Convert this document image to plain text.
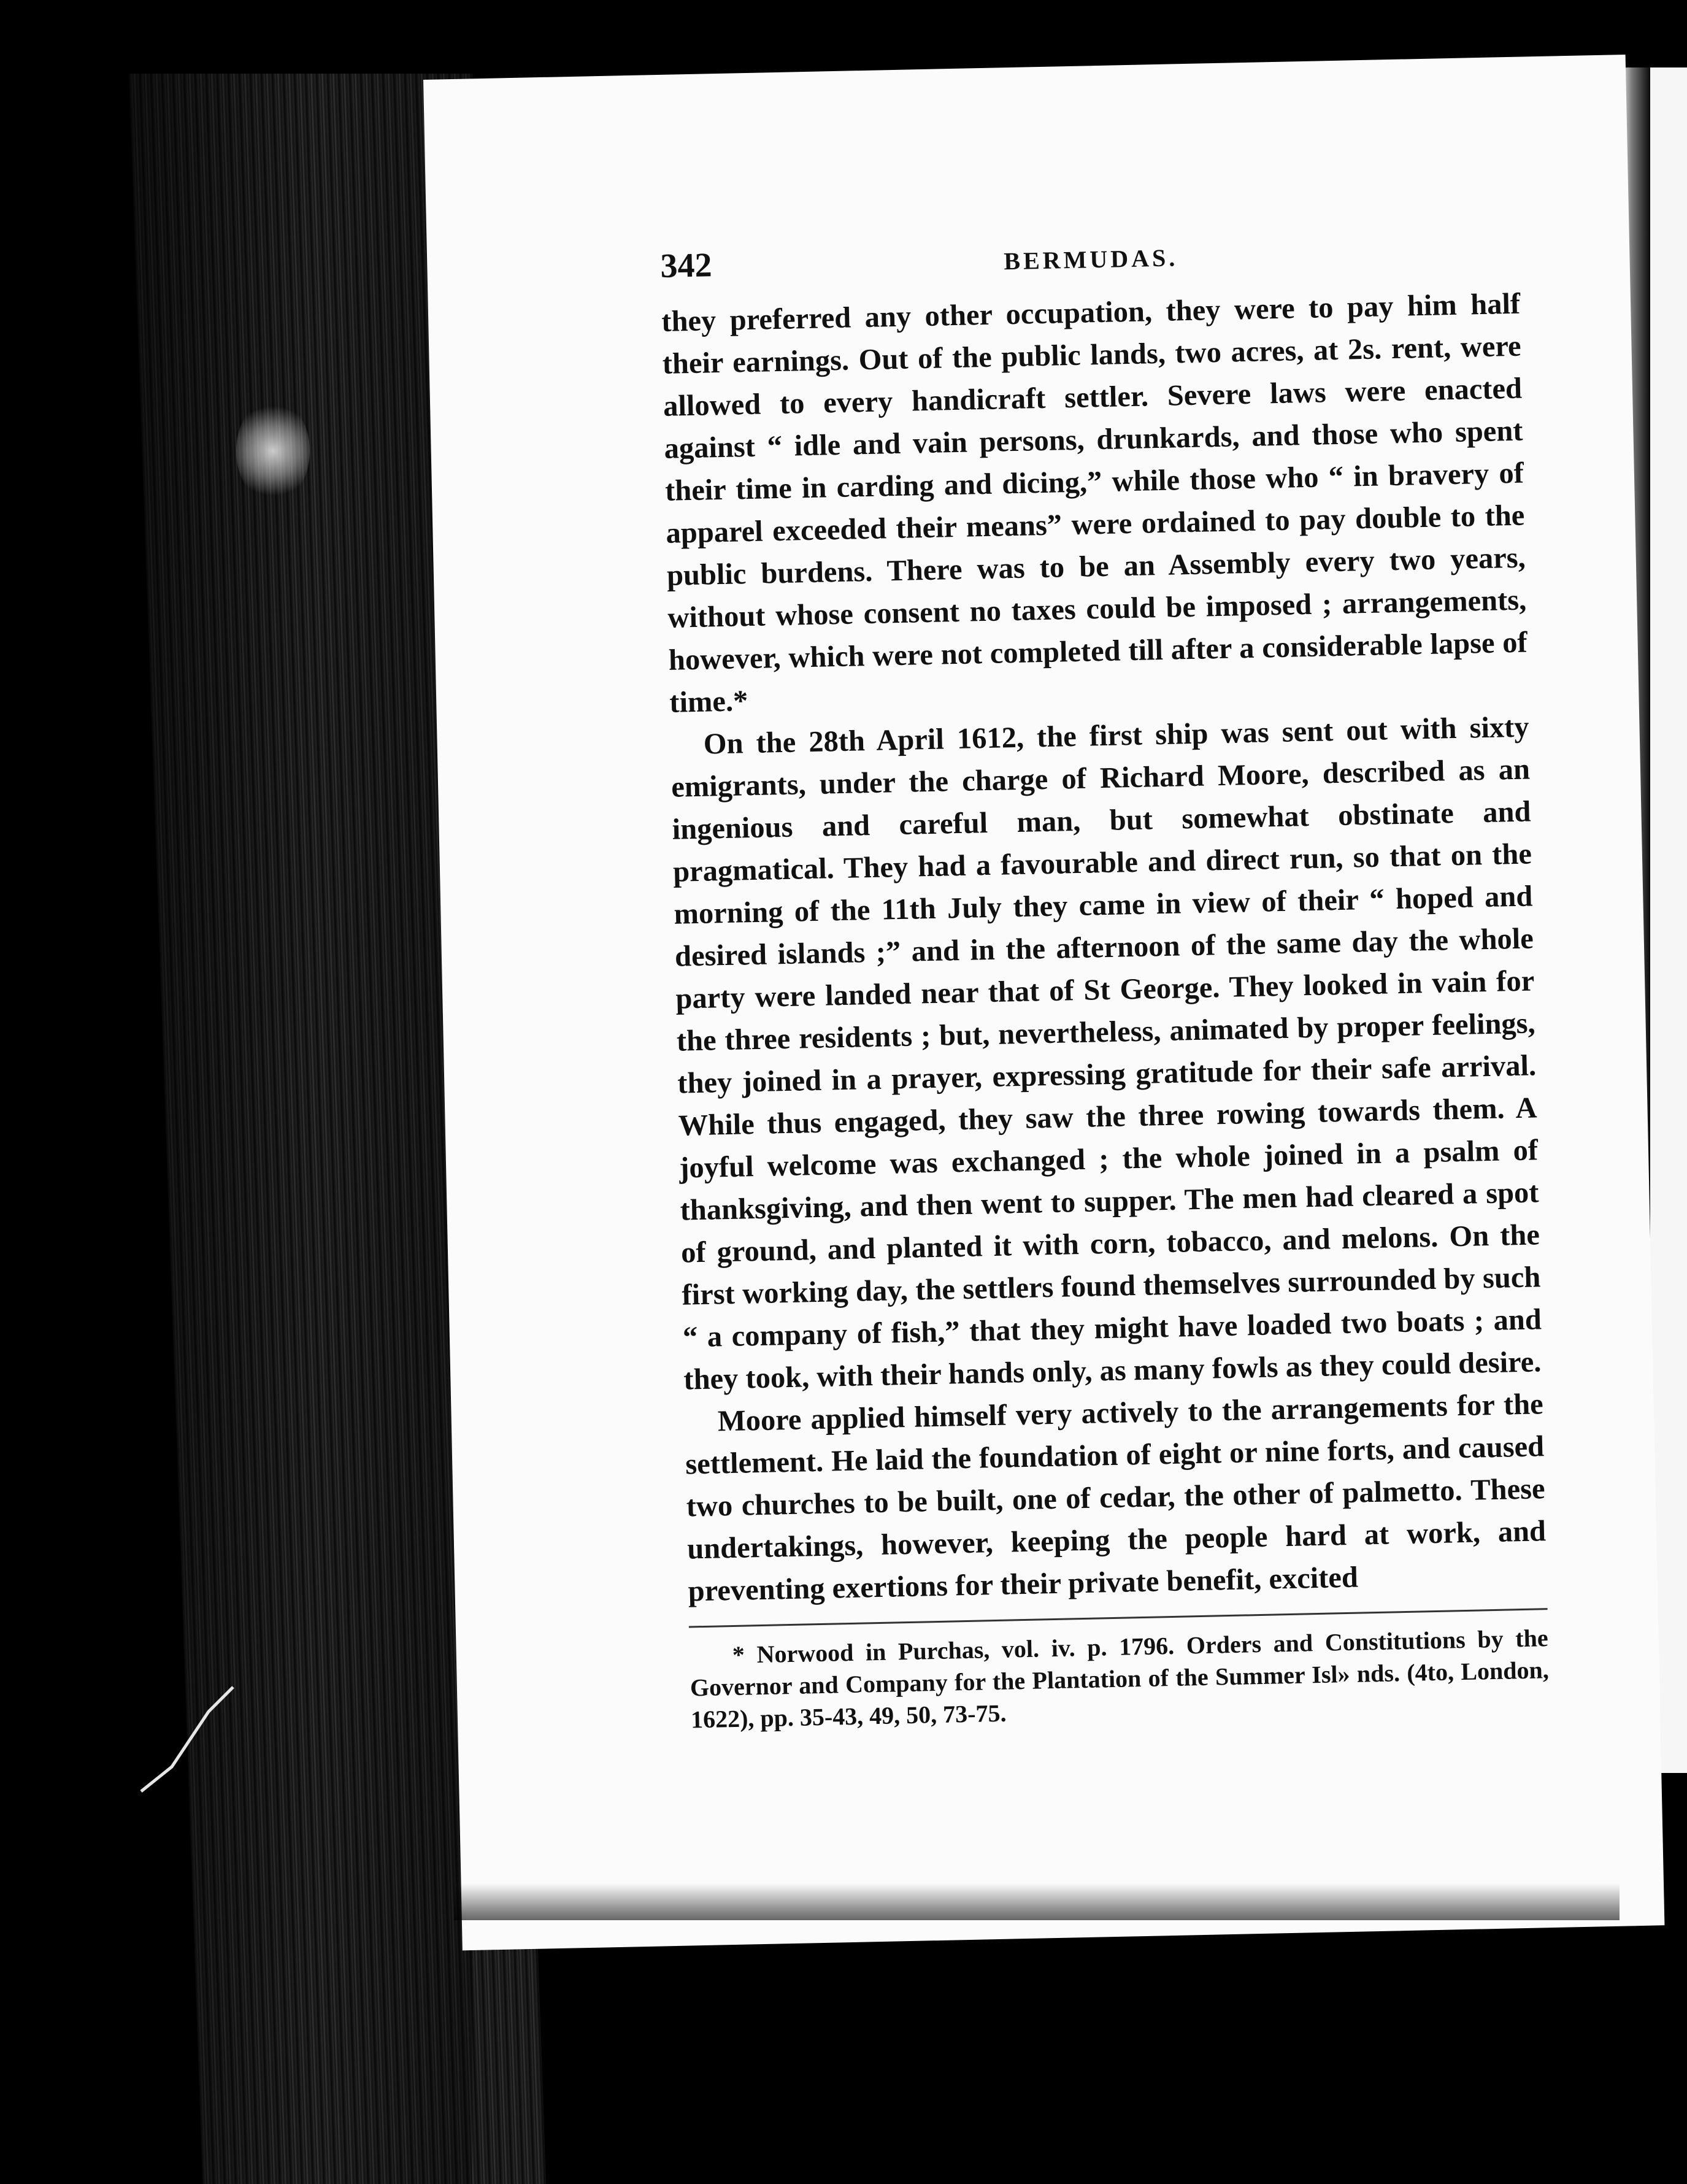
342	BERMUDAS.

they preferred any other occupation, they were to pay him half their earnings. Out of the public lands, two acres, at 2s. rent, were allowed to every handicraft settler. Severe laws were enacted against “ idle and vain persons, drunkards, and those who spent their time in carding and dicing,” while those who “ in bravery of apparel exceeded their means” were ordained to pay double to the public burdens. There was to be an Assembly every two years, without whose consent no taxes could be imposed ; arrangements, however, which were not completed till after a considerable lapse of time.*

On the 28th April 1612, the first ship was sent out with sixty emigrants, under the charge of Richard Moore, described as an ingenious and careful man, but somewhat obstinate and pragmatical. They had a favourable and direct run, so that on the morning of the 11th July they came in view of their “ hoped and desired islands ;” and in the afternoon of the same day the whole party were landed near that of St George. They looked in vain for the three residents ; but, nevertheless, animated by proper feelings, they joined in a prayer, expressing gratitude for their safe arrival. While thus engaged, they saw the three rowing towards them. A joyful welcome was exchanged ; the whole joined in a psalm of thanksgiving, and then went to supper. The men had cleared a spot of ground, and planted it with corn, tobacco, and melons. On the first working day, the settlers found themselves surrounded by such “ a company of fish,” that they might have loaded two boats ; and they took, with their hands only, as many fowls as they could desire.

Moore applied himself very actively to the arrangements for the settlement. He laid the foundation of eight or nine forts, and caused two churches to be built, one of cedar, the other of palmetto. These undertakings, however, keeping the people hard at work, and preventing exertions for their private benefit, excited

* Norwood in Purchas, vol. iv. p. 1796. Orders and Constitutions by the Governor and Company for the Plantation of the Summer Isl» nds. (4to, London, 1622), pp. 35-43, 49, 50, 73-75.
